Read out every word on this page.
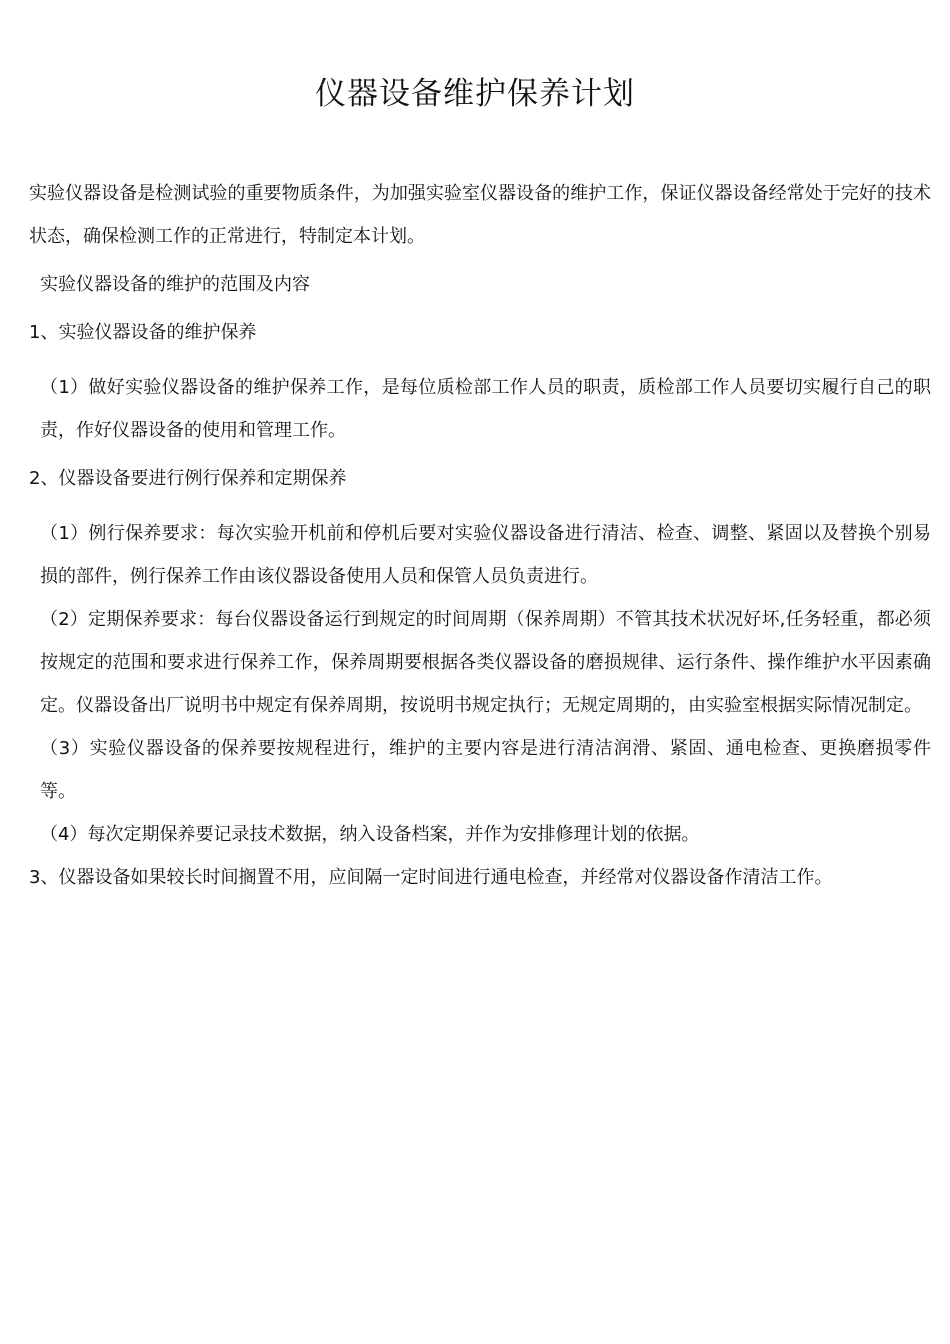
仪器设备维护保养计划

实验仪器设备是检测试验的重要物质条件，为加强实验室仪器设备的维护工作，保证仪器设备经常处于完好的技术状态，确保检测工作的正常进行，特制定本计划。

实验仪器设备的维护的范围及内容

1、实验仪器设备的维护保养

（1）做好实验仪器设备的维护保养工作，是每位质检部工作人员的职责，质检部工作人员要切实履行自己的职责，作好仪器设备的使用和管理工作。

2、仪器设备要进行例行保养和定期保养

（1）例行保养要求：每次实验开机前和停机后要对实验仪器设备进行清洁、检查、调整、紧固以及替换个别易损的部件，例行保养工作由该仪器设备使用人员和保管人员负责进行。

（2）定期保养要求：每台仪器设备运行到规定的时间周期（保养周期）不管其技术状况好坏,任务轻重，都必须按规定的范围和要求进行保养工作，保养周期要根据各类仪器设备的磨损规律、运行条件、操作维护水平因素确定。仪器设备出厂说明书中规定有保养周期，按说明书规定执行；无规定周期的，由实验室根据实际情况制定。

（3）实验仪器设备的保养要按规程进行，维护的主要内容是进行清洁润滑、紧固、通电检查、更换磨损零件等。

（4）每次定期保养要记录技术数据，纳入设备档案，并作为安排修理计划的依据。

3、仪器设备如果较长时间搁置不用，应间隔一定时间进行通电检查，并经常对仪器设备作清洁工作。
